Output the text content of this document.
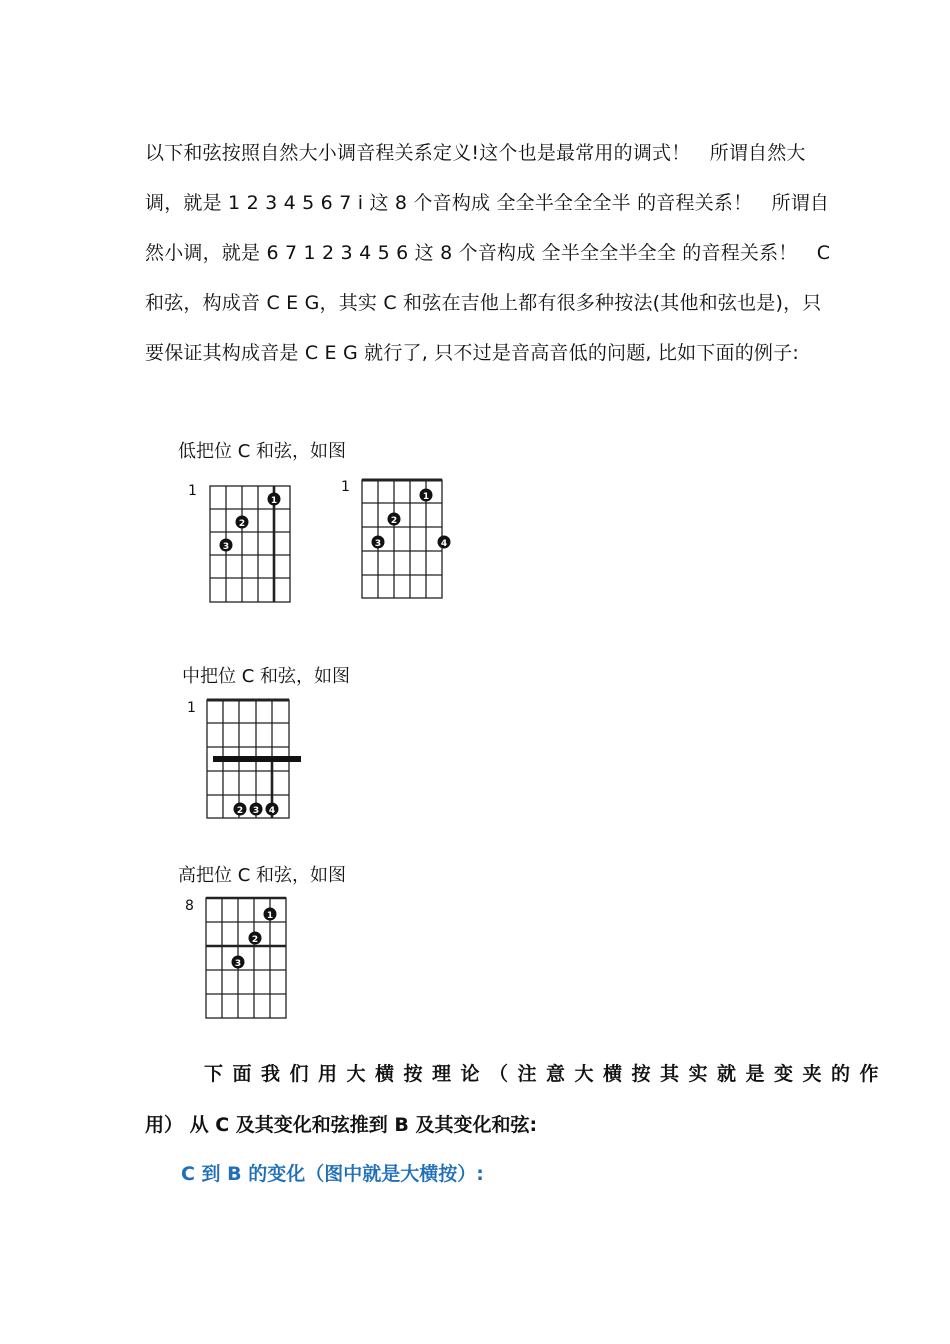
以下和弦按照自然大小调音程关系定义!这个也是最常用的调式！　所谓自然大
调，就是 1 2 3 4 5 6 7 i 这 8 个音构成 全全半全全全半 的音程关系！　所谓自
然小调，就是 6 7 1 2 3 4 5 6 这 8 个音构成 全半全全半全全 的音程关系！　C
和弦，构成音 C E G，其实 C 和弦在吉他上都有很多种按法(其他和弦也是)，只
要保证其构成音是 C E G 就行了, 只不过是音高音低的问题, 比如下面的例子:

低把位 C 和弦，如图
1
1
2
3
1
1
2
3	4
中把位 C 和弦，如图
1
2 3 4
高把位 C 和弦，如图
8
1
2
3
下面我们用大横按理论（注意大横按其实就是变夹的作
用） 从 C 及其变化和弦推到 B 及其变化和弦:
C 到 B 的变化（图中就是大横按）:
